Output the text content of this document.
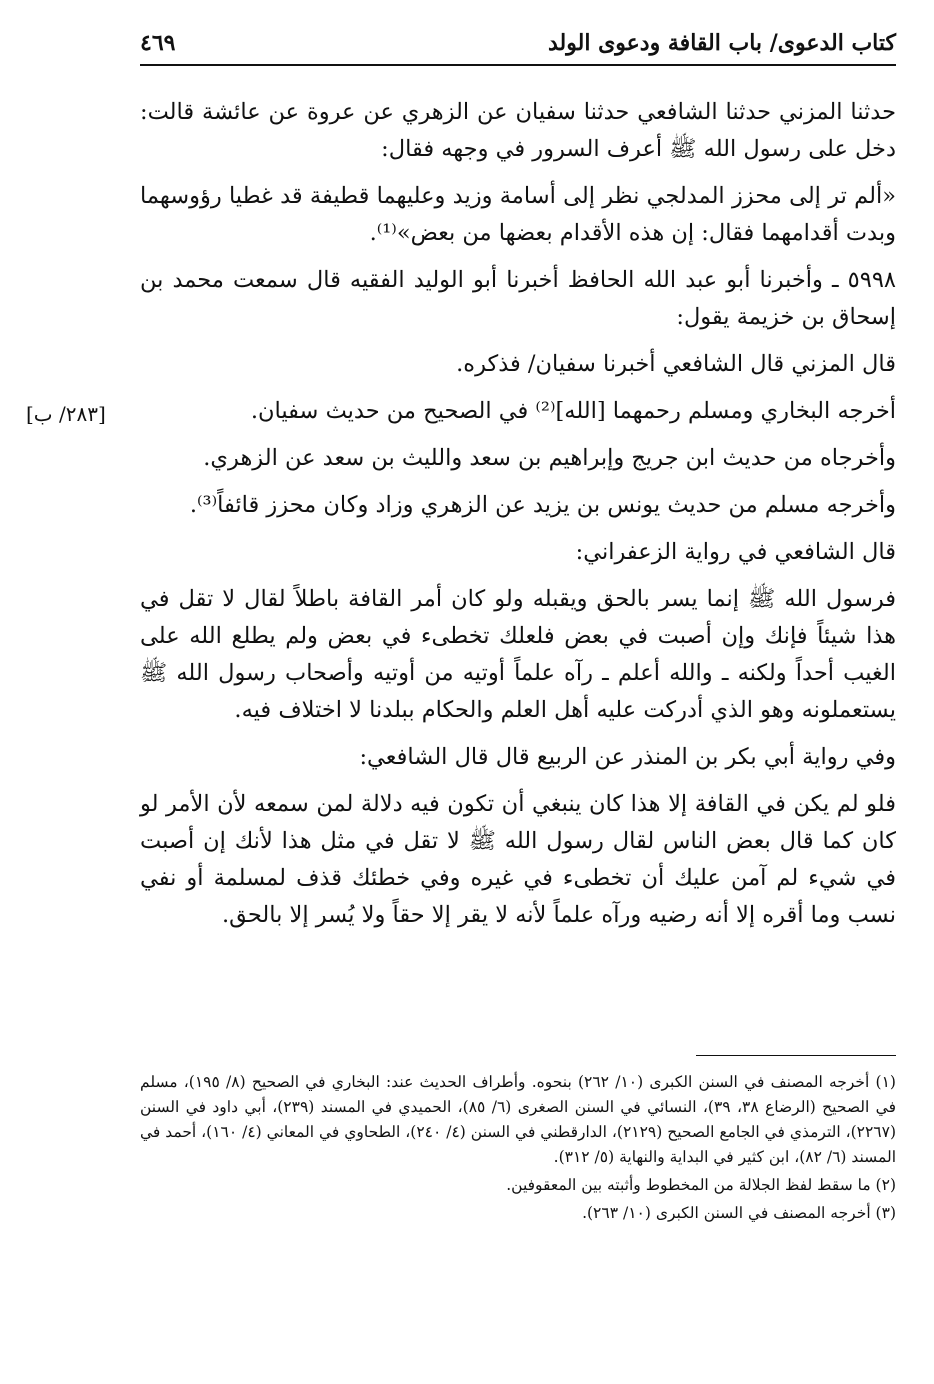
كتاب الدعوى/ باب القافة ودعوى الولد
٤٦٩
[٢٨٣/ ب]

حدثنا المزني حدثنا الشافعي حدثنا سفيان عن الزهري عن عروة عن عائشة قالت: دخل على رسول الله ﷺ أعرف السرور في وجهه فقال:

«ألم تر إلى محزز المدلجي نظر إلى أسامة وزيد وعليهما قطيفة قد غطيا رؤوسهما وبدت أقدامهما فقال: إن هذه الأقدام بعضها من بعض»⁽¹⁾.

٥٩٩٨ ـ وأخبرنا أبو عبد الله الحافظ أخبرنا أبو الوليد الفقيه قال سمعت محمد بن إسحاق بن خزيمة يقول:

قال المزني قال الشافعي أخبرنا سفيان/ فذكره.

أخرجه البخاري ومسلم رحمهما [الله]⁽²⁾ في الصحيح من حديث سفيان.

وأخرجاه من حديث ابن جريج وإبراهيم بن سعد والليث بن سعد عن الزهري.

وأخرجه مسلم من حديث يونس بن يزيد عن الزهري وزاد وكان محزز قائفاً⁽³⁾.

قال الشافعي في رواية الزعفراني:

فرسول الله ﷺ إنما يسر بالحق ويقبله ولو كان أمر القافة باطلاً لقال لا تقل في هذا شيئاً فإنك وإن أصبت في بعض فلعلك تخطىء في بعض ولم يطلع الله على الغيب أحداً ولكنه ـ والله أعلم ـ رآه علماً أوتيه من أوتيه وأصحاب رسول الله ﷺ يستعملونه وهو الذي أدركت عليه أهل العلم والحكام ببلدنا لا اختلاف فيه.

وفي رواية أبي بكر بن المنذر عن الربيع قال قال الشافعي:

فلو لم يكن في القافة إلا هذا كان ينبغي أن تكون فيه دلالة لمن سمعه لأن الأمر لو كان كما قال بعض الناس لقال رسول الله ﷺ لا تقل في مثل هذا لأنك إن أصبت في شيء لم آمن عليك أن تخطىء في غيره وفي خطئك قذف لمسلمة أو نفي نسب وما أقره إلا أنه رضيه ورآه علماً لأنه لا يقر إلا حقاً ولا يُسر إلا بالحق.

(١) أخرجه المصنف في السنن الكبرى (١٠/ ٢٦٢) بنحوه. وأطراف الحديث عند: البخاري في الصحيح (٨/ ١٩٥)، مسلم في الصحيح (الرضاع ٣٨، ٣٩)، النسائي في السنن الصغرى (٦/ ٨٥)، الحميدي في المسند (٢٣٩)، أبي داود في السنن (٢٢٦٧)، الترمذي في الجامع الصحيح (٢١٢٩)، الدارقطني في السنن (٤/ ٢٤٠)، الطحاوي في المعاني (٤/ ١٦٠)، أحمد في المسند (٦/ ٨٢)، ابن كثير في البداية والنهاية (٥/ ٣١٢).

(٢) ما سقط لفظ الجلالة من المخطوط وأثبته بين المعقوفين.

(٣) أخرجه المصنف في السنن الكبرى (١٠/ ٢٦٣).
